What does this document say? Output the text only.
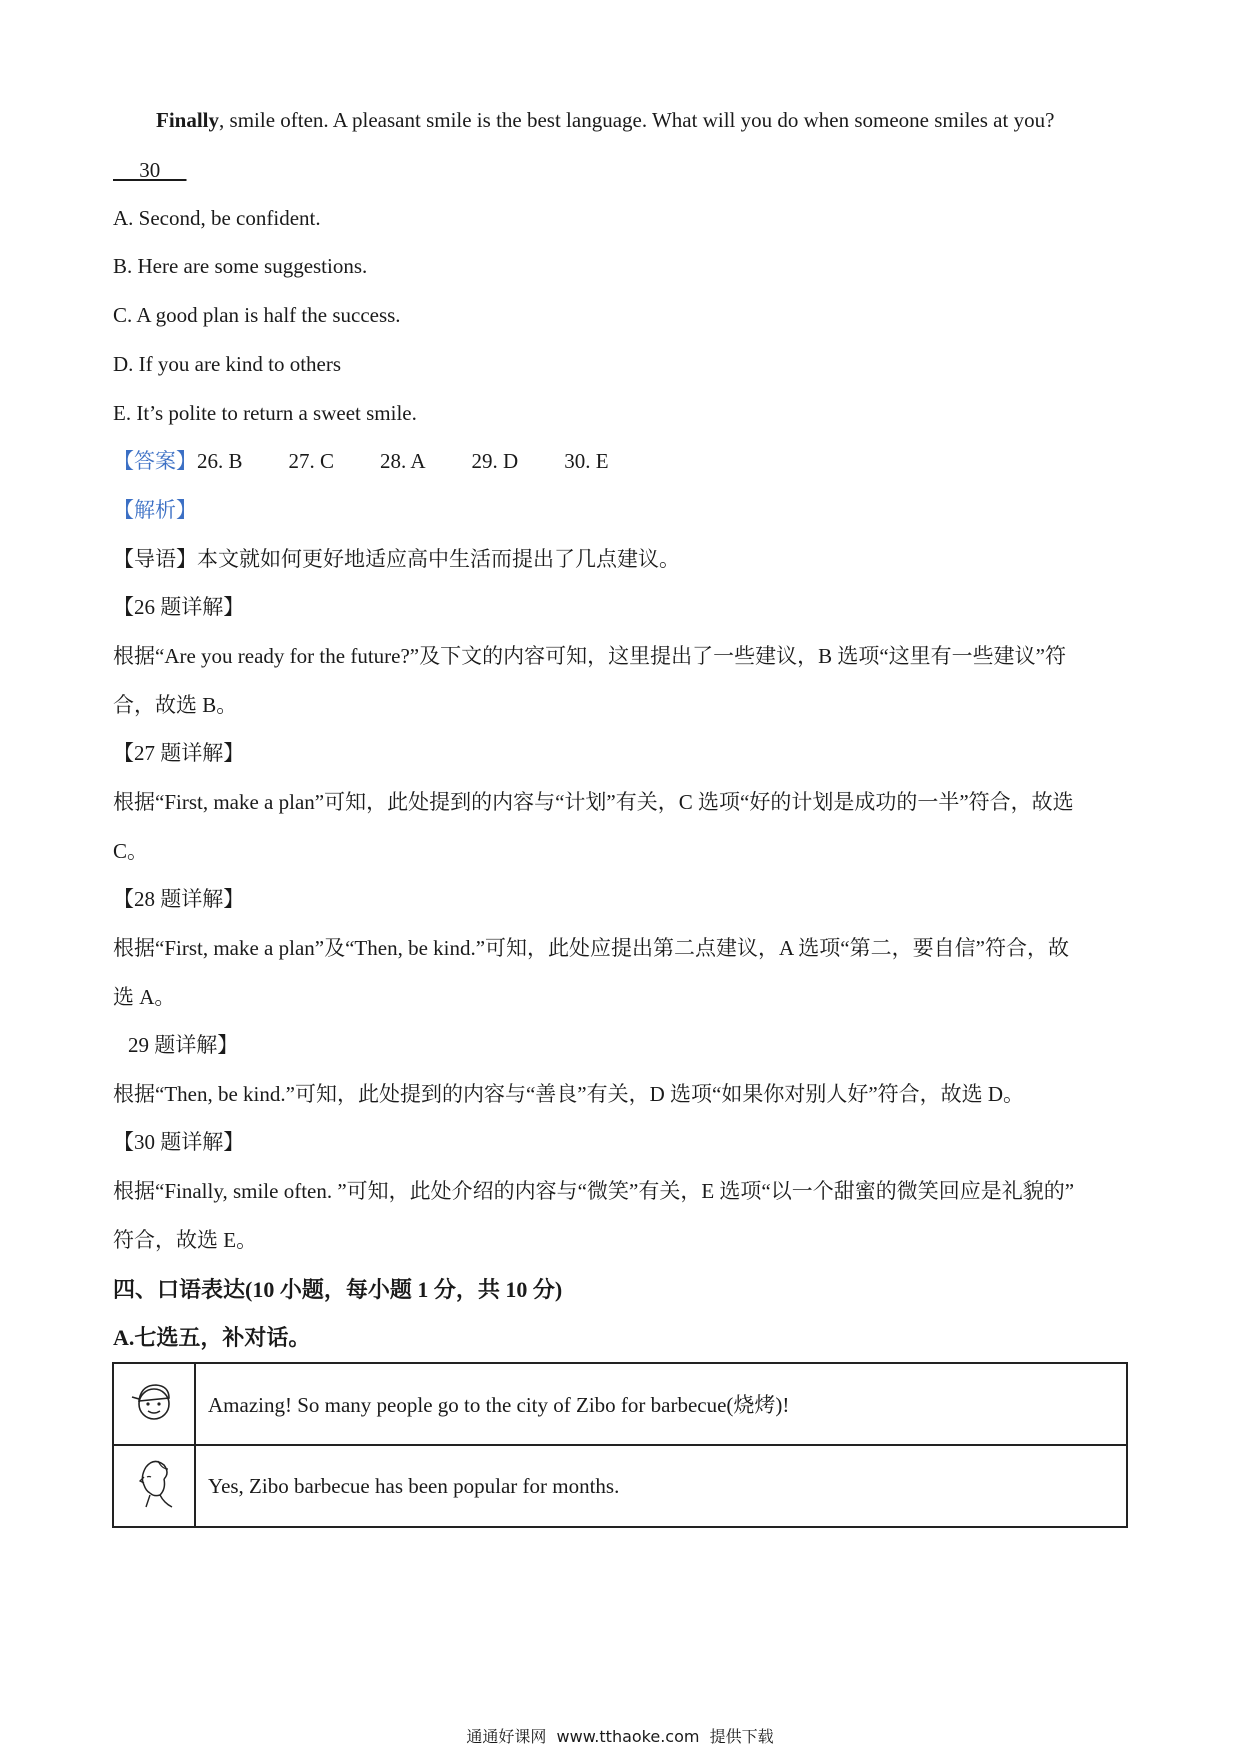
Finally, smile often. A pleasant smile is the best language. What will you do when someone smiles at you?
30
A. Second, be confident.
B. Here are some suggestions.
C. A good plan is half the success.
D. If you are kind to others
E. It’s polite to return a sweet smile.
【答案】26. B 27. C 28. A 29. D 30. E
【解析】
【导语】本文就如何更好地适应高中生活而提出了几点建议。
【26 题详解】
根据“Are you ready for the future?”及下文的内容可知，这里提出了一些建议，B 选项“这里有一些建议”符
合，故选 B。
【27 题详解】
根据“First, make a plan”可知，此处提到的内容与“计划”有关，C 选项“好的计划是成功的一半”符合，故选
C。
【28 题详解】
根据“First, make a plan”及“Then, be kind.”可知，此处应提出第二点建议，A 选项“第二，要自信”符合，故
选 A。
29 题详解】
根据“Then, be kind.”可知，此处提到的内容与“善良”有关，D 选项“如果你对别人好”符合，故选 D。
【30 题详解】
根据“Finally, smile often. ”可知，此处介绍的内容与“微笑”有关，E 选项“以一个甜蜜的微笑回应是礼貌的”
符合，故选 E。
四、口语表达(10 小题，每小题 1 分，共 10 分)
A.七选五，补对话。
	Amazing! So many people go to the city of Zibo for barbecue(烧烤)!
	Yes, Zibo barbecue has been popular for months.
通通好课网  www.tthaoke.com  提供下载
